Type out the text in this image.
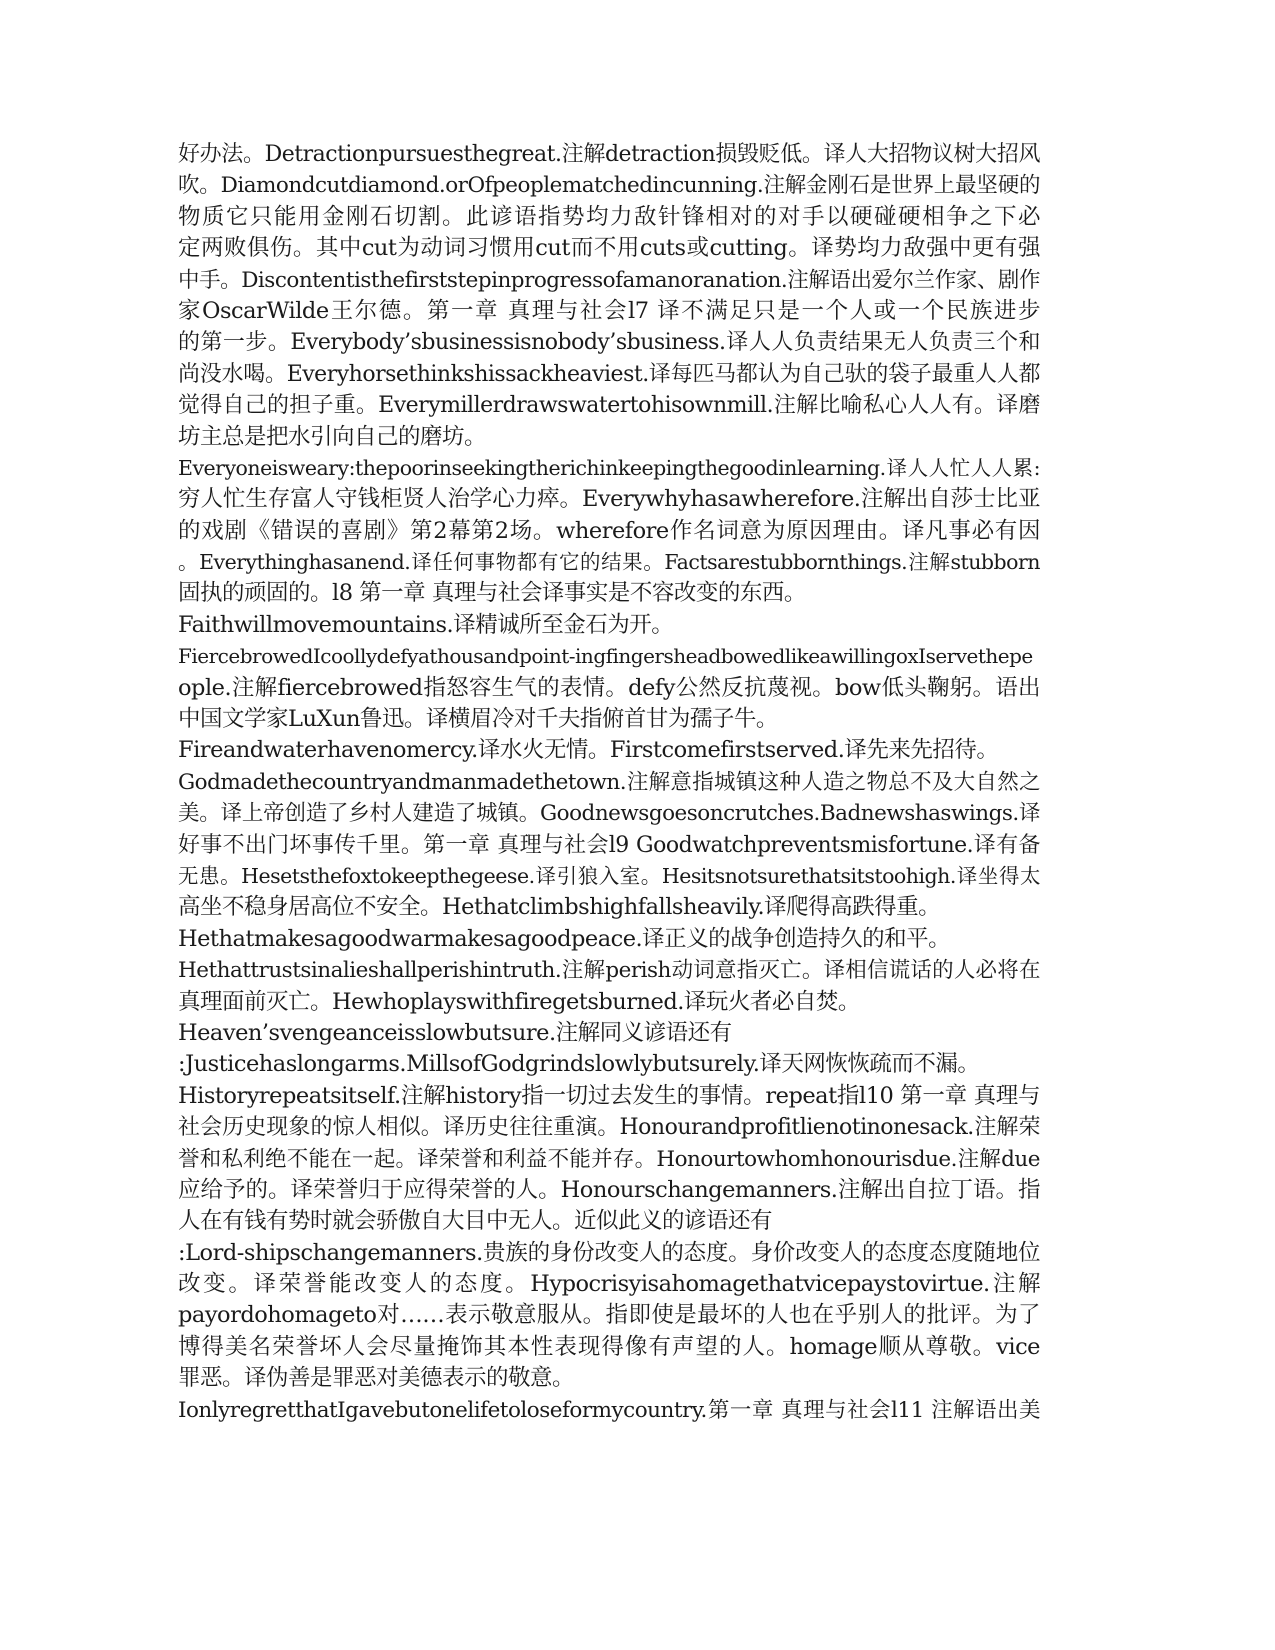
好办法。Detractionpursuesthegreat.注解detraction损毁贬低。译人大招物议树大招风
吹。Diamondcutdiamond.orOfpeoplematchedincunning.注解金刚石是世界上最坚硬的
物质它只能用金刚石切割。此谚语指势均力敌针锋相对的对手以硬碰硬相争之下必
定两败俱伤。其中cut为动词习惯用cut而不用cuts或cutting。译势均力敌强中更有强
中手。Discontentisthefirststepinprogressofamanoranation.注解语出爱尔兰作家、剧作
家OscarWilde王尔德。第一章 真理与社会l7 译不满足只是一个人或一个民族进步
的第一步。Everybody’sbusinessisnobody’sbusiness.译人人负责结果无人负责三个和
尚没水喝。Everyhorsethinkshissackheaviest.译每匹马都认为自己驮的袋子最重人人都
觉得自己的担子重。Everymillerdrawswatertohisownmill.注解比喻私心人人有。译磨
坊主总是把水引向自己的磨坊。
Everyoneisweary:thepoorinseekingtherichinkeepingthegoodinlearning.译人人忙人人累:
穷人忙生存富人守钱柜贤人治学心力瘁。Everywhyhasawherefore.注解出自莎士比亚
的戏剧《错误的喜剧》第2幕第2场。wherefore作名词意为原因理由。译凡事必有因
。Everythinghasanend.译任何事物都有它的结果。Factsarestubbornthings.注解stubborn
固执的顽固的。l8 第一章 真理与社会译事实是不容改变的东西。
Faithwillmovemountains.译精诚所至金石为开。
FiercebrowedIcoollydefyathousandpoint-ingfingersheadbowedlikeawillingoxIservethepe
ople.注解fiercebrowed指怒容生气的表情。defy公然反抗蔑视。bow低头鞠躬。语出
中国文学家LuXun鲁迅。译横眉冷对千夫指俯首甘为孺子牛。
Fireandwaterhavenomercy.译水火无情。Firstcomefirstserved.译先来先招待。
Godmadethecountryandmanmadethetown.注解意指城镇这种人造之物总不及大自然之
美。译上帝创造了乡村人建造了城镇。Goodnewsgoesoncrutches.Badnewshaswings.译
好事不出门坏事传千里。第一章 真理与社会l9 Goodwatchpreventsmisfortune.译有备
无患。Hesetsthefoxtokeepthegeese.译引狼入室。Hesitsnotsurethatsitstoohigh.译坐得太
高坐不稳身居高位不安全。Hethatclimbshighfallsheavily.译爬得高跌得重。
Hethatmakesagoodwarmakesagoodpeace.译正义的战争创造持久的和平。
Hethattrustsinalieshallperishintruth.注解perish动词意指灭亡。译相信谎话的人必将在
真理面前灭亡。Hewhoplayswithfiregetsburned.译玩火者必自焚。
Heaven’svengeanceisslowbutsure.注解同义谚语还有
:Justicehaslongarms.MillsofGodgrindslowlybutsurely.译天网恢恢疏而不漏。
Historyrepeatsitself.注解history指一切过去发生的事情。repeat指l10 第一章 真理与
社会历史现象的惊人相似。译历史往往重演。Honourandprofitlienotinonesack.注解荣
誉和私利绝不能在一起。译荣誉和利益不能并存。Honourtowhomhonourisdue.注解due
应给予的。译荣誉归于应得荣誉的人。Honourschangemanners.注解出自拉丁语。指
人在有钱有势时就会骄傲自大目中无人。近似此义的谚语还有
:Lord-shipschangemanners.贵族的身份改变人的态度。身价改变人的态度态度随地位
改变。译荣誉能改变人的态度。Hypocrisyisahomagethatvicepaystovirtue.注解
payordohomageto对……表示敬意服从。指即使是最坏的人也在乎别人的批评。为了
博得美名荣誉坏人会尽量掩饰其本性表现得像有声望的人。homage顺从尊敬。vice
罪恶。译伪善是罪恶对美德表示的敬意。
IonlyregretthatIgavebutonelifetoloseformycountry.第一章 真理与社会l11 注解语出美
